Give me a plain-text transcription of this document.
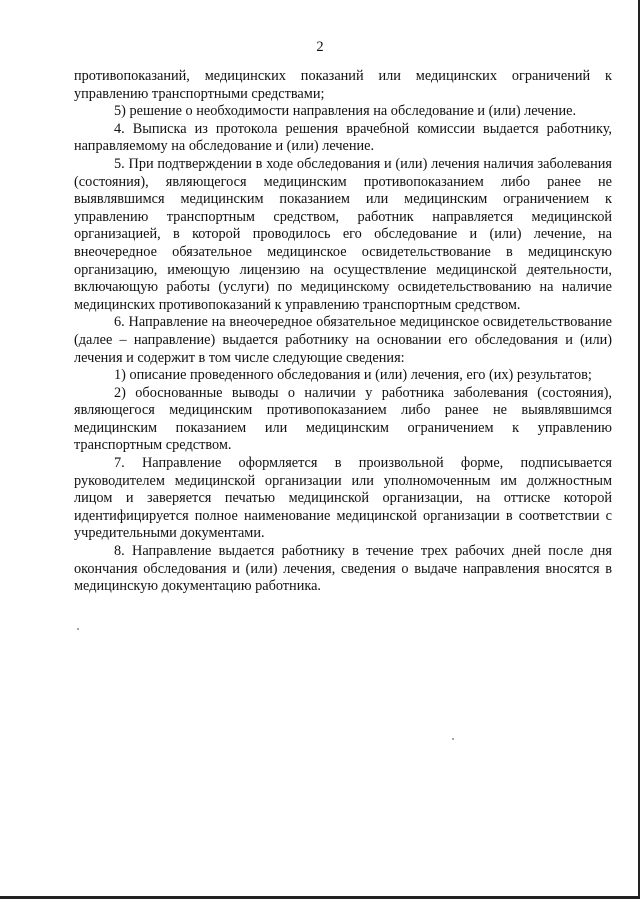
2

противопоказаний, медицинских показаний или медицинских ограничений к управлению транспортными средствами;

5) решение о необходимости направления на обследование и (или) лечение.

4. Выписка из протокола решения врачебной комиссии выдается работнику, направляемому на обследование и (или) лечение.

5. При подтверждении в ходе обследования и (или) лечения наличия заболевания (состояния), являющегося медицинским противопоказанием либо ранее не выявлявшимся медицинским показанием или медицинским ограничением к управлению транспортным средством, работник направляется медицинской организацией, в которой проводилось его обследование и (или) лечение, на внеочередное обязательное медицинское освидетельствование в медицинскую организацию, имеющую лицензию на осуществление медицинской деятельности, включающую работы (услуги) по медицинскому освидетельствованию на наличие медицинских противопоказаний к управлению транспортным средством.

6. Направление на внеочередное обязательное медицинское освидетельствование (далее – направление) выдается работнику на основании его обследования и (или) лечения и содержит в том числе следующие сведения:

1) описание проведенного обследования и (или) лечения, его (их) результатов;

2) обоснованные выводы о наличии у работника заболевания (состояния), являющегося медицинским противопоказанием либо ранее не выявлявшимся медицинским показанием или медицинским ограничением к управлению транспортным средством.

7. Направление оформляется в произвольной форме, подписывается руководителем медицинской организации или уполномоченным им должностным лицом и заверяется печатью медицинской организации, на оттиске которой идентифицируется полное наименование медицинской организации в соответствии с учредительными документами.

8. Направление выдается работнику в течение трех рабочих дней после дня окончания обследования и (или) лечения, сведения о выдаче направления вносятся в медицинскую документацию работника.
